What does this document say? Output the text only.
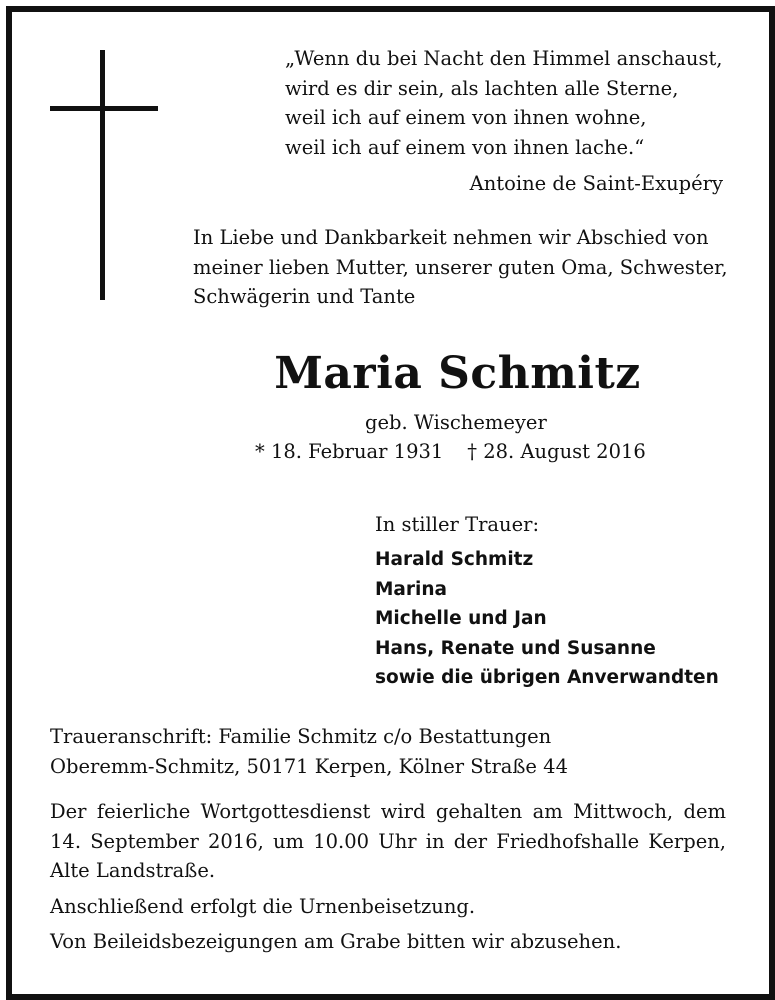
„Wenn du bei Nacht den Himmel anschaust,
wird es dir sein, als lachten alle Sterne,
weil ich auf einem von ihnen wohne,
weil ich auf einem von ihnen lache.“
Antoine de Saint-Exupéry
In Liebe und Dankbarkeit nehmen wir Abschied von
meiner lieben Mutter, unserer guten Oma, Schwester,
Schwägerin und Tante
Maria Schmitz
geb. Wischemeyer
* 18. Februar 1931 † 28. August 2016
In stiller Trauer:
Harald Schmitz
Marina
Michelle und Jan
Hans, Renate und Susanne
sowie die übrigen Anverwandten
Traueranschrift: Familie Schmitz c/o Bestattungen
Oberemm-Schmitz, 50171 Kerpen, Kölner Straße 44
Der feierliche Wortgottesdienst wird gehalten am Mittwoch, dem
14. September 2016, um 10.00 Uhr in der Friedhofshalle Kerpen,
Alte Landstraße.
Anschließend erfolgt die Urnenbeisetzung.
Von Beileidsbezeigungen am Grabe bitten wir abzusehen.
